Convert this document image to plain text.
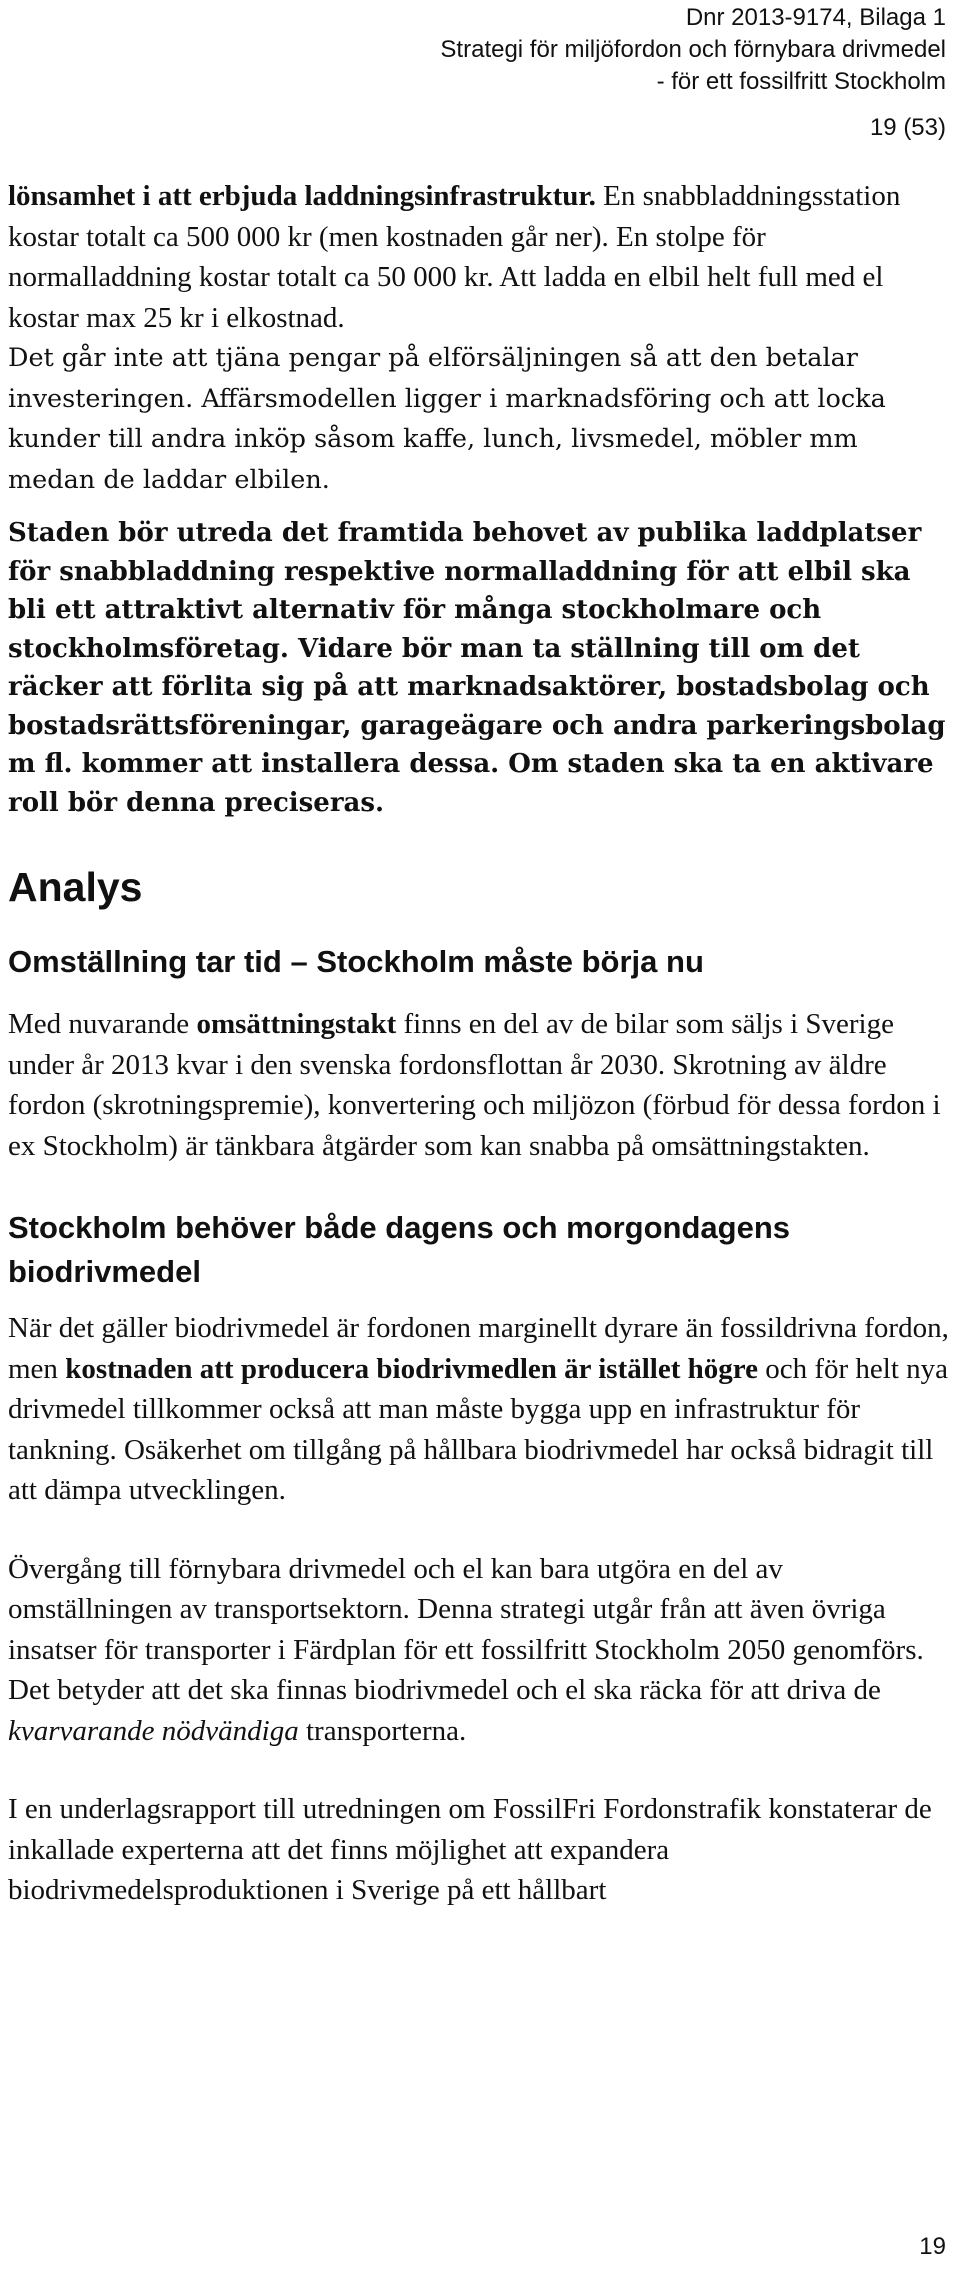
Dnr 2013-9174, Bilaga 1
Strategi för miljöfordon och förnybara drivmedel
- för ett fossilfritt Stockholm
19 (53)

lönsamhet i att erbjuda laddningsinfrastruktur. En snabbladdningsstation kostar totalt ca 500 000 kr (men kostnaden går ner). En stolpe för normalladdning kostar totalt ca 50 000 kr. Att ladda en elbil helt full med el kostar max 25 kr i elkostnad.

Det går inte att tjäna pengar på elförsäljningen så att den betalar investeringen. Affärsmodellen ligger i marknadsföring och att locka kunder till andra inköp såsom kaffe, lunch, livsmedel, möbler mm medan de laddar elbilen.

Staden bör utreda det framtida behovet av publika laddplatser för snabbladdning respektive normalladdning för att elbil ska bli ett attraktivt alternativ för många stockholmare och stockholmsföretag. Vidare bör man ta ställning till om det räcker att förlita sig på att marknadsaktörer, bostadsbolag och bostadsrättsföreningar, garageägare och andra parkeringsbolag m fl. kommer att installera dessa. Om staden ska ta en aktivare roll bör denna preciseras.

Analys
Omställning tar tid – Stockholm måste börja nu

Med nuvarande omsättningstakt finns en del av de bilar som säljs i Sverige under år 2013 kvar i den svenska fordonsflottan år 2030. Skrotning av äldre fordon (skrotningspremie), konvertering och miljözon (förbud för dessa fordon i ex Stockholm) är tänkbara åtgärder som kan snabba på omsättningstakten.

Stockholm behöver både dagens och morgondagens biodrivmedel

När det gäller biodrivmedel är fordonen marginellt dyrare än fossildrivna fordon, men kostnaden att producera biodrivmedlen är istället högre och för helt nya drivmedel tillkommer också att man måste bygga upp en infrastruktur för tankning. Osäkerhet om tillgång på hållbara biodrivmedel har också bidragit till att dämpa utvecklingen.

Övergång till förnybara drivmedel och el kan bara utgöra en del av omställningen av transportsektorn. Denna strategi utgår från att även övriga insatser för transporter i Färdplan för ett fossilfritt Stockholm 2050 genomförs. Det betyder att det ska finnas biodrivmedel och el ska räcka för att driva de kvarvarande nödvändiga transporterna.

I en underlagsrapport till utredningen om FossilFri Fordonstrafik konstaterar de inkallade experterna att det finns möjlighet att expandera biodrivmedelsproduktionen i Sverige på ett hållbart

19
